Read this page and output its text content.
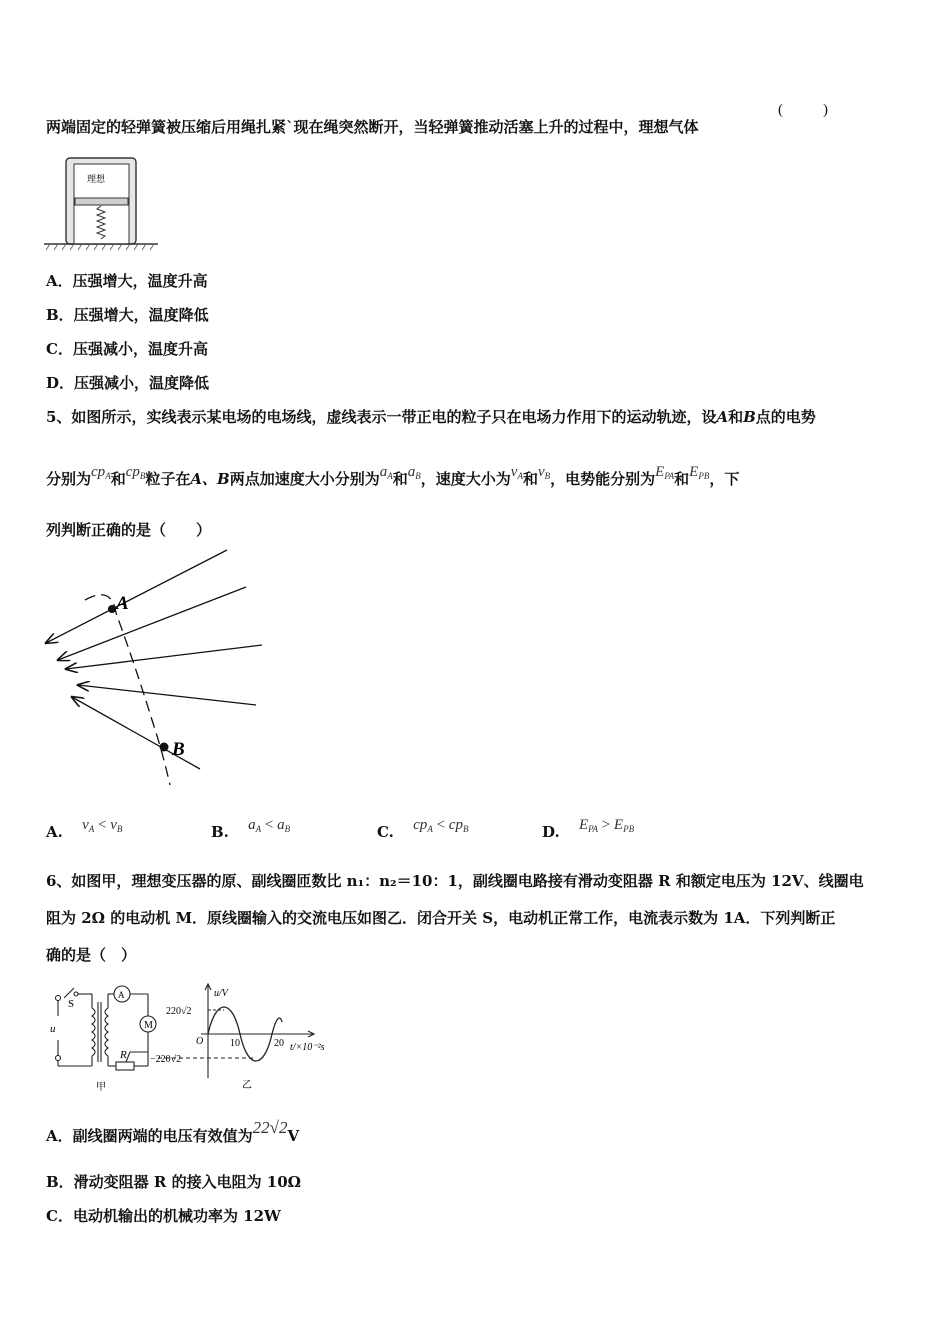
两端固定的轻弹簧被压缩后用绳扎紧`现在绳突然断开，当轻弹簧推动活塞上升的过程中，理想气体
(	)
理想
A．压强增大，温度升高
B．压强增大，温度降低
C．压强减小，温度升高
D．压强减小，温度降低
5、如图所示，实线表示某电场的电场线，虚线表示一带正电的粒子只在电场力作用下的运动轨迹，设A和B点的电势
分别为$cp_A$和$cp_B$粒子在A、B两点加速度大小分别为$a_A$和$a_B$，速度大小为$v_A$和$v_B$，电势能分别为$E_{PA}$和$E_{PB}$，下
列判断正确的是（　　）
A
B
A. $v_A < v_B$	B. $a_A < a_B$	C. $cp_A < cp_B$	D. $E_{PA} > E_{PB}$
6、如图甲，理想变压器的原、副线圈匝数比 n₁：n₂＝10：1，副线圈电路接有滑动变阻器 R 和额定电压为 12V、线圈电
阻为 2Ω 的电动机 M．原线圈输入的交流电压如图乙．闭合开关 S，电动机正常工作，电流表示数为 1A．下列判断正
确的是（　）
S
A
M
R
u
甲	乙
u/V
220√2
−220√2
O	10	20 t/×10⁻²s
A．副线圈两端的电压有效值为22√2V
B．滑动变阻器 R 的接入电阻为 10Ω
C．电动机输出的机械功率为 12W
